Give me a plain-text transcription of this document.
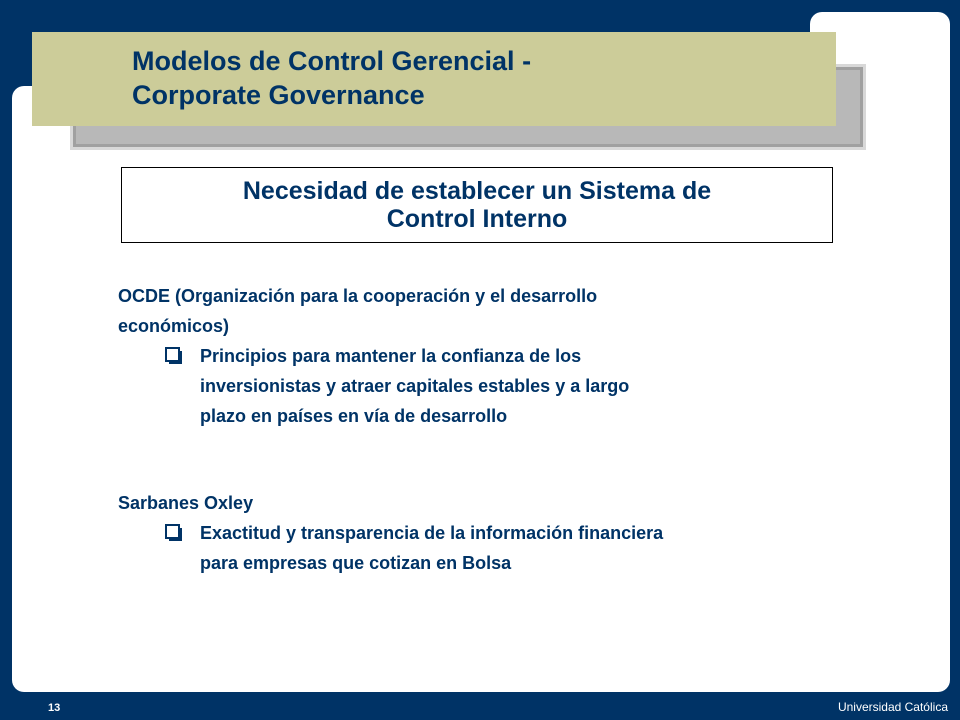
Modelos de Control Gerencial -
Corporate Governance
Necesidad de establecer un Sistema de
Control Interno
OCDE (Organización para la cooperación y el desarrollo
económicos)
Principios para mantener la confianza de los
inversionistas y atraer capitales estables y a largo
plazo en países en vía de desarrollo
Sarbanes Oxley
Exactitud y transparencia de la información financiera
para empresas que cotizan en Bolsa
13	Universidad Católica
